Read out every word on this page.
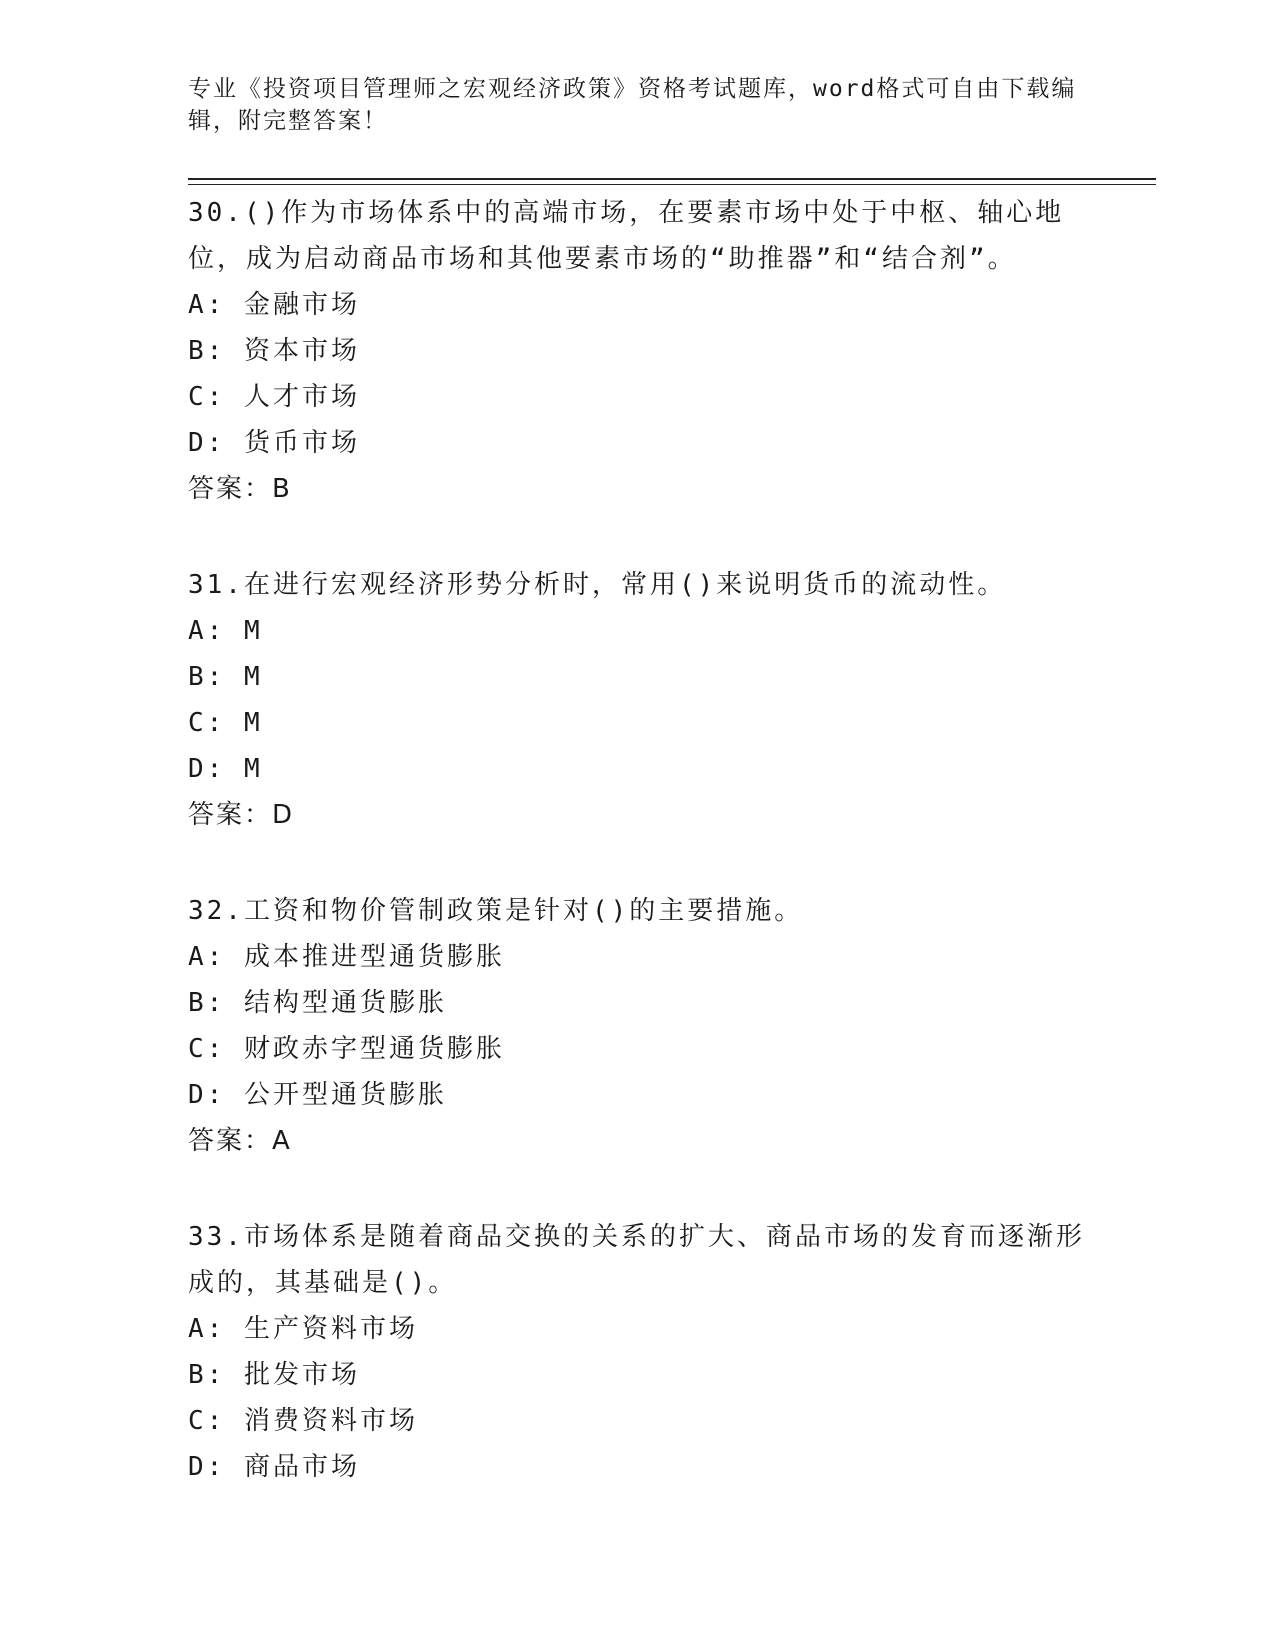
专业《投资项目管理师之宏观经济政策》资格考试题库，word格式可自由下载编辑，附完整答案！
30.()作为市场体系中的高端市场，在要素市场中处于中枢、轴心地位，成为启动商品市场和其他要素市场的“助推器”和“结合剂”。
A: 金融市场
B: 资本市场
C: 人才市场
D: 货币市场
答案：B
31.在进行宏观经济形势分析时，常用()来说明货币的流动性。
A: M
B: M
C: M
D: M
答案：D
32.工资和物价管制政策是针对()的主要措施。
A: 成本推进型通货膨胀
B: 结构型通货膨胀
C: 财政赤字型通货膨胀
D: 公开型通货膨胀
答案：A
33.市场体系是随着商品交换的关系的扩大、商品市场的发育而逐渐形成的，其基础是()。
A: 生产资料市场
B: 批发市场
C: 消费资料市场
D: 商品市场
